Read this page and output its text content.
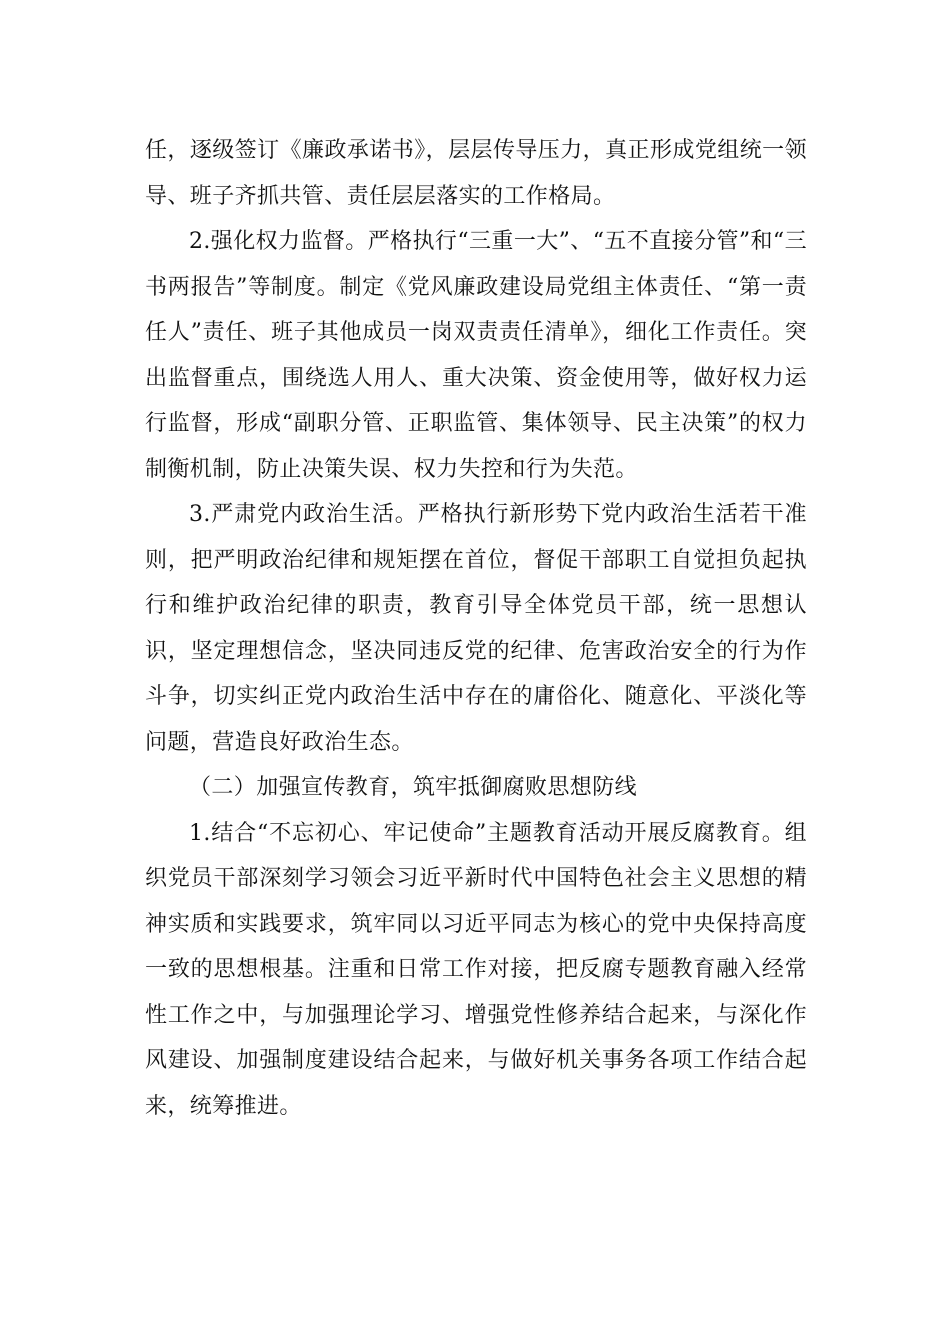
任，逐级签订《廉政承诺书》，层层传导压力，真正形成党组统一领导、班子齐抓共管、责任层层落实的工作格局。

2.强化权力监督。严格执行“三重一大”、“五不直接分管”和“三书两报告”等制度。制定《党风廉政建设局党组主体责任、“第一责任人”责任、班子其他成员一岗双责责任清单》，细化工作责任。突出监督重点，围绕选人用人、重大决策、资金使用等，做好权力运行监督，形成“副职分管、正职监管、集体领导、民主决策”的权力制衡机制，防止决策失误、权力失控和行为失范。

3.严肃党内政治生活。严格执行新形势下党内政治生活若干准则，把严明政治纪律和规矩摆在首位，督促干部职工自觉担负起执行和维护政治纪律的职责，教育引导全体党员干部，统一思想认识，坚定理想信念，坚决同违反党的纪律、危害政治安全的行为作斗争，切实纠正党内政治生活中存在的庸俗化、随意化、平淡化等问题，营造良好政治生态。

（二）加强宣传教育，筑牢抵御腐败思想防线

1.结合“不忘初心、牢记使命”主题教育活动开展反腐教育。组织党员干部深刻学习领会习近平新时代中国特色社会主义思想的精神实质和实践要求，筑牢同以习近平同志为核心的党中央保持高度一致的思想根基。注重和日常工作对接，把反腐专题教育融入经常性工作之中，与加强理论学习、增强党性修养结合起来，与深化作风建设、加强制度建设结合起来，与做好机关事务各项工作结合起来，统筹推进。
